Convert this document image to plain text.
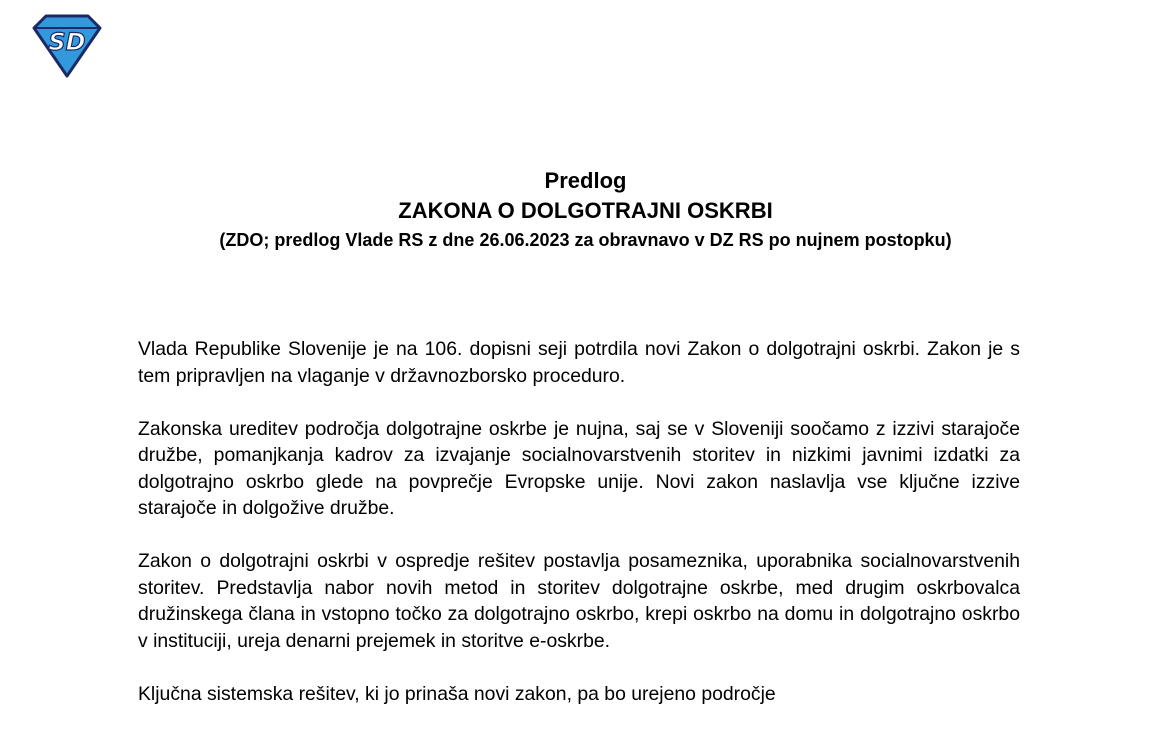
SD
Predlog
ZAKONA O DOLGOTRAJNI OSKRBI
(ZDO; predlog Vlade RS z dne 26.06.2023 za obravnavo v DZ RS po nujnem postopku)

Vlada Republike Slovenije je na 106. dopisni seji potrdila novi Zakon o dolgotrajni oskrbi. Zakon je s tem pripravljen na vlaganje v državnozborsko proceduro.

Zakonska ureditev področja dolgotrajne oskrbe je nujna, saj se v Sloveniji soočamo z izzivi starajoče družbe, pomanjkanja kadrov za izvajanje socialnovarstvenih storitev in nizkimi javnimi izdatki za dolgotrajno oskrbo glede na povprečje Evropske unije. Novi zakon naslavlja vse ključne izzive starajoče in dolgožive družbe.

Zakon o dolgotrajni oskrbi v ospredje rešitev postavlja posameznika, uporabnika socialnovarstvenih storitev. Predstavlja nabor novih metod in storitev dolgotrajne oskrbe, med drugim oskrbovalca družinskega člana in vstopno točko za dolgotrajno oskrbo, krepi oskrbo na domu in dolgotrajno oskrbo v instituciji, ureja denarni prejemek in storitve e-oskrbe.

Ključna sistemska rešitev, ki jo prinaša novi zakon, pa bo urejeno področje
